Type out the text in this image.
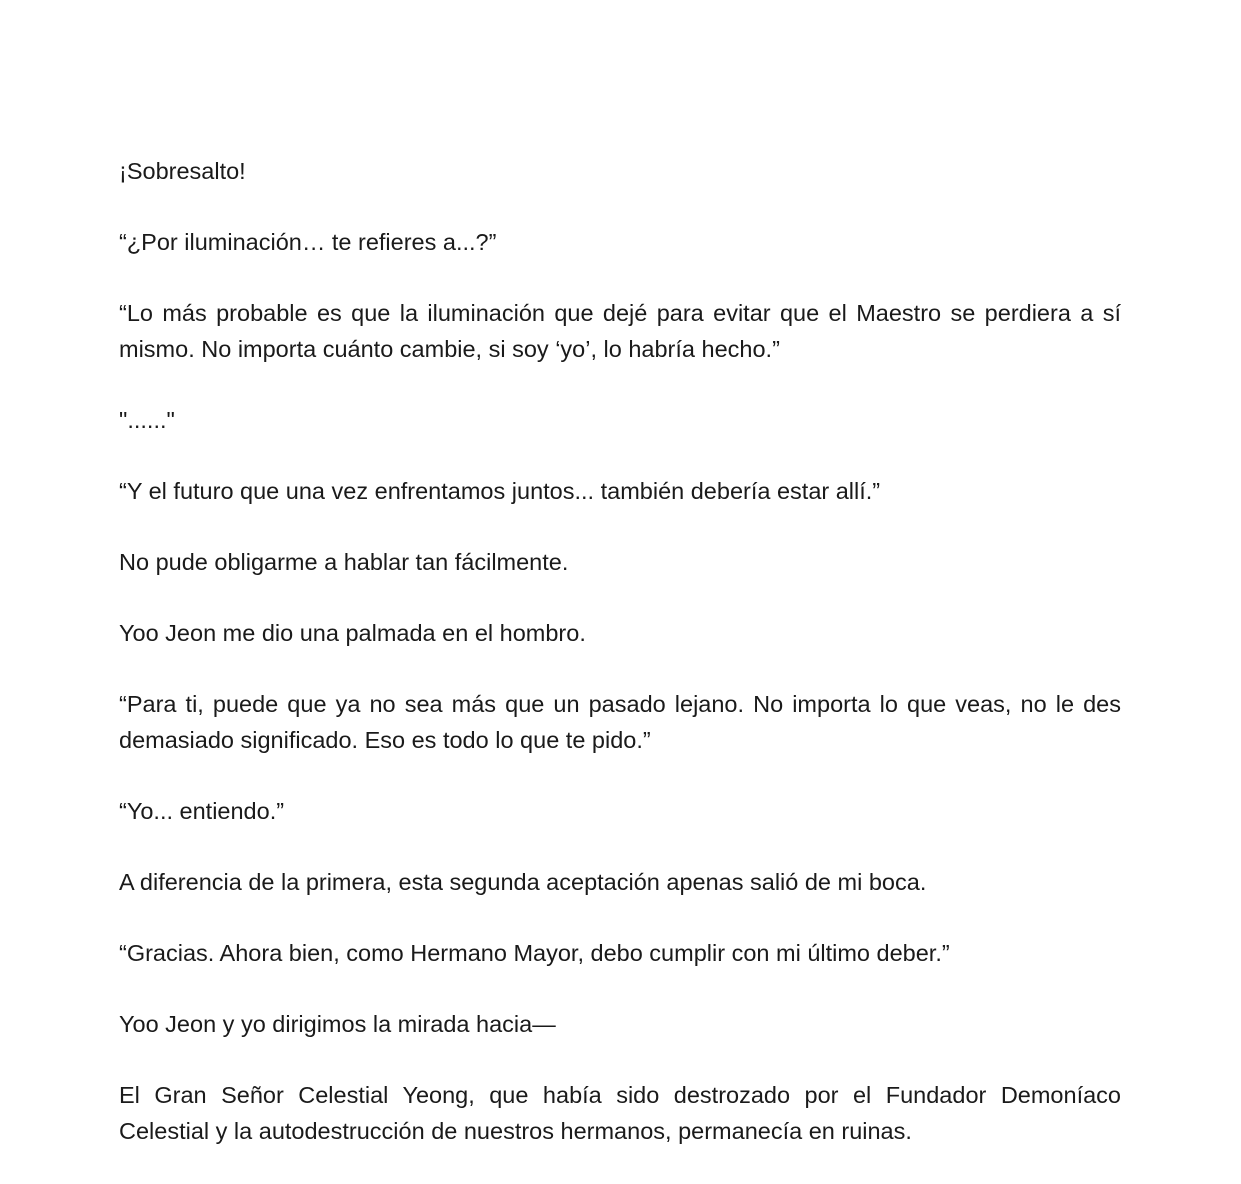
¡Sobresalto!

“¿Por iluminación… te refieres a...?”

“Lo más probable es que la iluminación que dejé para evitar que el Maestro se perdiera a sí mismo. No importa cuánto cambie, si soy ‘yo’, lo habría hecho.”

"......"

“Y el futuro que una vez enfrentamos juntos... también debería estar allí.”

No pude obligarme a hablar tan fácilmente.

Yoo Jeon me dio una palmada en el hombro.

“Para ti, puede que ya no sea más que un pasado lejano. No importa lo que veas, no le des demasiado significado. Eso es todo lo que te pido.”

“Yo... entiendo.”

A diferencia de la primera, esta segunda aceptación apenas salió de mi boca.

“Gracias. Ahora bien, como Hermano Mayor, debo cumplir con mi último deber.”

Yoo Jeon y yo dirigimos la mirada hacia—

El Gran Señor Celestial Yeong, que había sido destrozado por el Fundador Demoníaco Celestial y la autodestrucción de nuestros hermanos, permanecía en ruinas.
